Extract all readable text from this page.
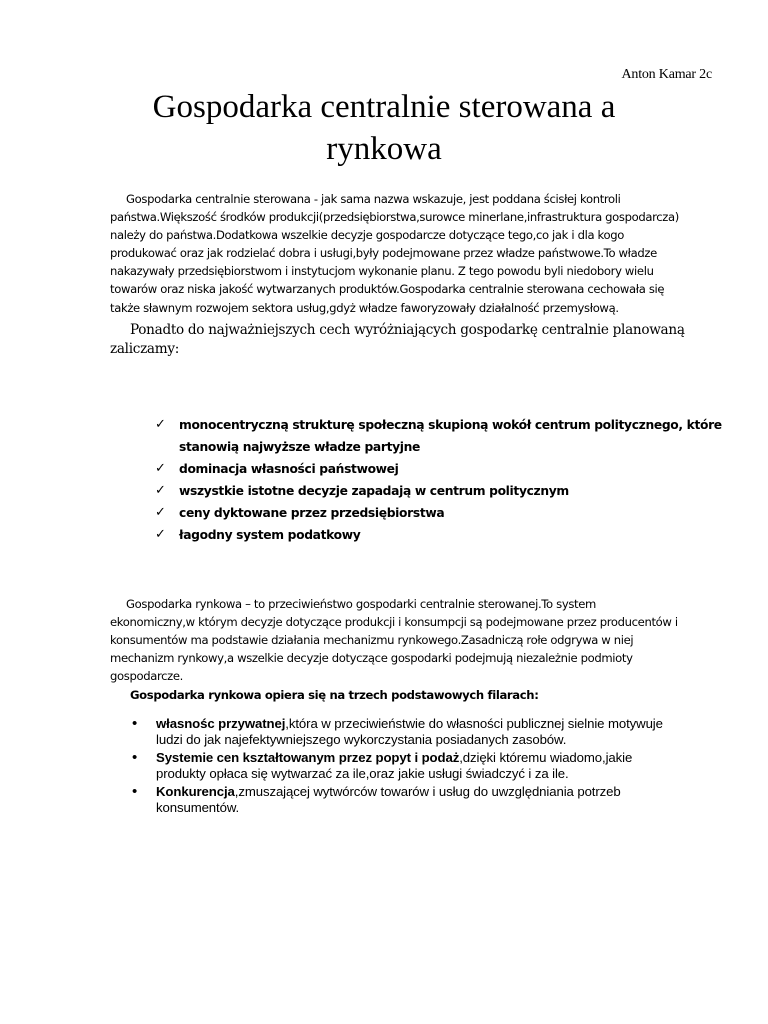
Anton Kamar 2c
Gospodarka centralnie sterowana a
rynkowa

Gospodarka centralnie sterowana - jak sama nazwa wskazuje, jest poddana ścisłej kontroli
państwa.Większość środków produkcji(przedsiębiorstwa,surowce minerlane,infrastruktura gospodarcza)
należy do państwa.Dodatkowa wszelkie decyzje gospodarcze dotyczące tego,co jak i dla kogo
produkować oraz jak rodzielać dobra i usługi,były podejmowane przez władze państwowe.To władze
nakazywały przedsiębiorstwom i instytucjom wykonanie planu. Z tego powodu byli niedobory wielu
towarów oraz niska jakość wytwarzanych produktów.Gospodarka centralnie sterowana cechowała się
także sławnym rozwojem sektora usług,gdyż władze faworyzowały działalność przemysłową.

Ponadto do najważniejszych cech wyróżniających gospodarkę centralnie planowaną
zaliczamy:

✓ monocentryczną strukturę społeczną skupioną wokół centrum politycznego, które
stanowią najwyższe władze partyjne
✓ dominacja własności państwowej
✓ wszystkie istotne decyzje zapadają w centrum politycznym
✓ ceny dyktowane przez przedsiębiorstwa
✓ łagodny system podatkowy

Gospodarka rynkowa – to przeciwieństwo gospodarki centralnie sterowanej.To system
ekonomiczny,w którym decyzje dotyczące produkcji i konsumpcji są podejmowane przez producentów i
konsumentów ma podstawie działania mechanizmu rynkowego.Zasadniczą rołe odgrywa w niej
mechanizm rynkowy,a wszelkie decyzje dotyczące gospodarki podejmują niezależnie podmioty
gospodarcze.

Gospodarka rynkowa opiera się na trzech podstawowych filarach:
• własnośc przywatnej,która w przeciwieństwie do własności publicznej sielnie motywuje
ludzi do jak najefektywniejszego wykorczystania posiadanych zasobów.
• Systemie cen kształtowanym przez popyt i podaż,dzięki któremu wiadomo,jakie
produkty opłaca się wytwarzać za ile,oraz jakie usługi świadczyć i za ile.
• Konkurencja,zmuszającej wytwórców towarów i usług do uwzględniania potrzeb
konsumentów.
